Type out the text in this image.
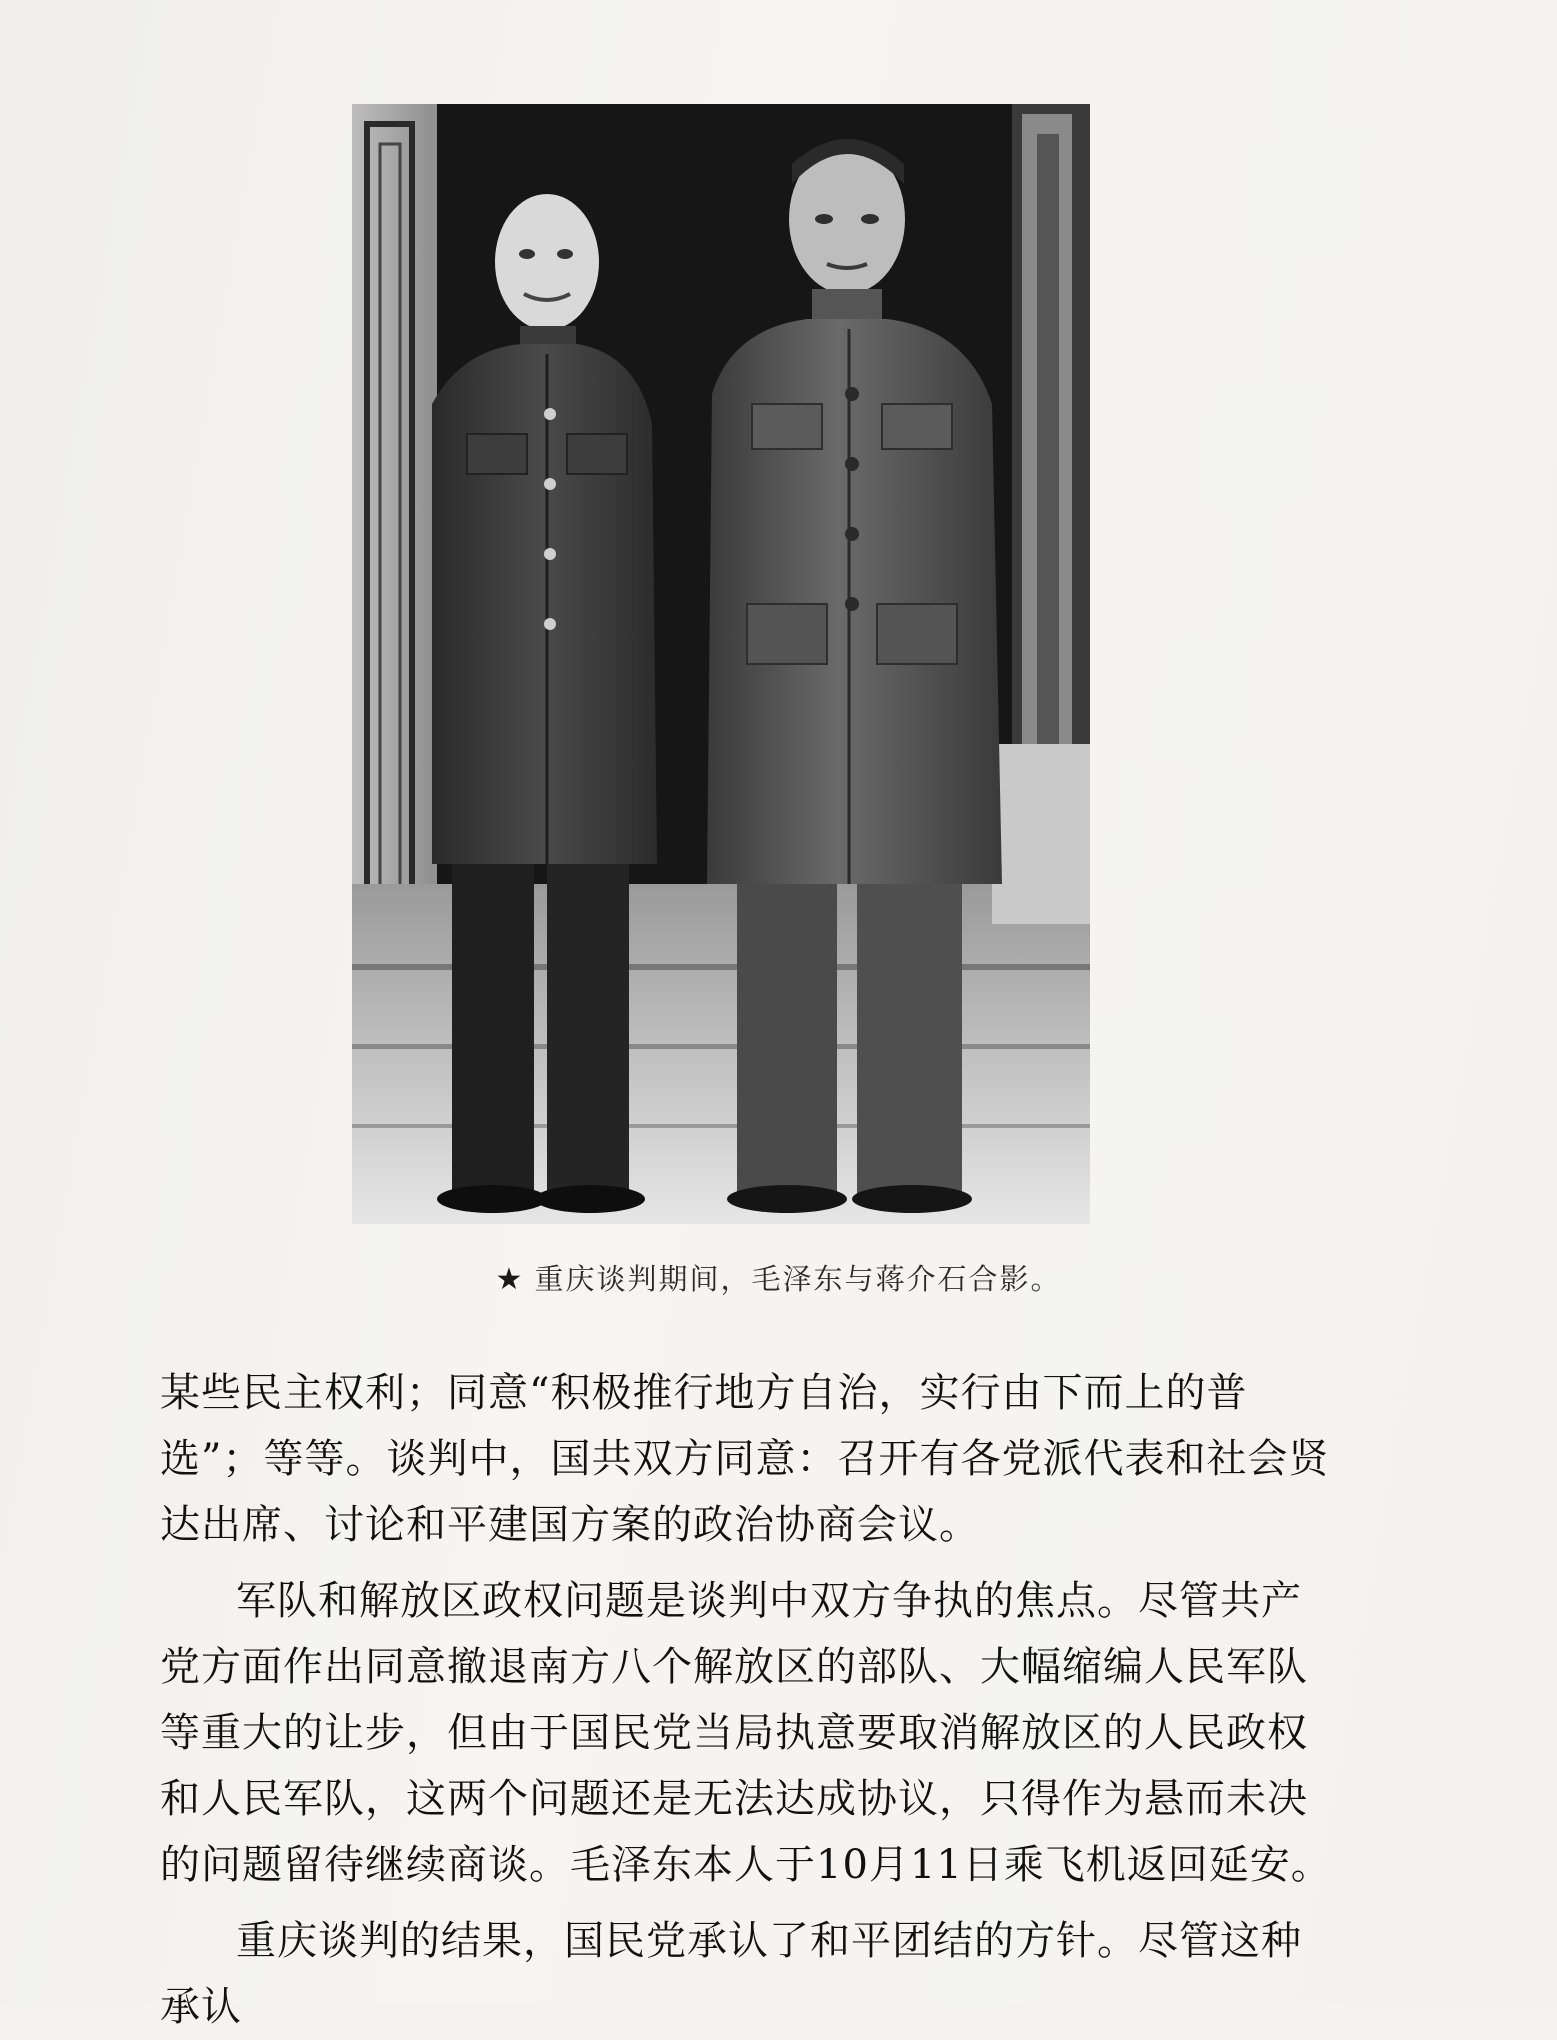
★ 重庆谈判期间，毛泽东与蒋介石合影。

某些民主权利；同意“积极推行地方自治，实行由下而上的普选”；等等。谈判中，国共双方同意：召开有各党派代表和社会贤达出席、讨论和平建国方案的政治协商会议。

军队和解放区政权问题是谈判中双方争执的焦点。尽管共产党方面作出同意撤退南方八个解放区的部队、大幅缩编人民军队等重大的让步，但由于国民党当局执意要取消解放区的人民政权和人民军队，这两个问题还是无法达成协议，只得作为悬而未决的问题留待继续商谈。毛泽东本人于10月11日乘飞机返回延安。

重庆谈判的结果，国民党承认了和平团结的方针。尽管这种承认
